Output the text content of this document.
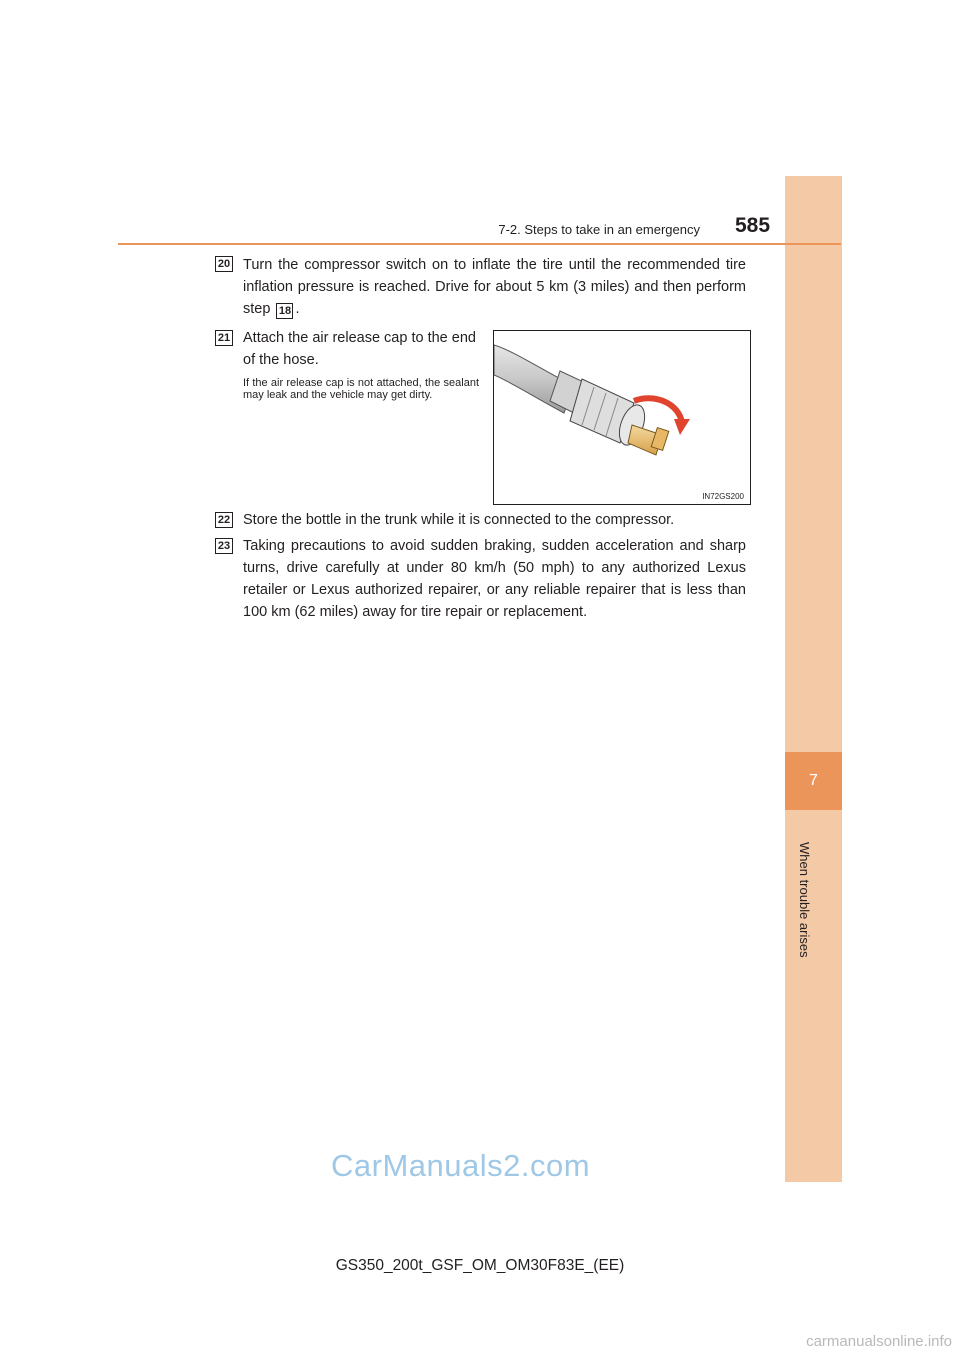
7
When trouble arises
7-2. Steps to take in an emergency 585
20 Turn the compressor switch on to inflate the tire until the recommended tire
inflation pressure is reached. Drive for about 5 km (3 miles) and then perform
step 18 .
21 Attach the air release cap to the end
of the hose.
If the air release cap is not attached, the sealant may leak and the vehicle may get dirty.
IN72GS200
22 Store the bottle in the trunk while it is connected to the compressor.
23 Taking precautions to avoid sudden braking, sudden acceleration and sharp
turns, drive carefully at under 80 km/h (50 mph) to any authorized Lexus
retailer or Lexus authorized repairer, or any reliable repairer that is less than
100 km (62 miles) away for tire repair or replacement.
CarManuals2.com
GS350_200t_GSF_OM_OM30F83E_(EE)
carmanualsonline.info
